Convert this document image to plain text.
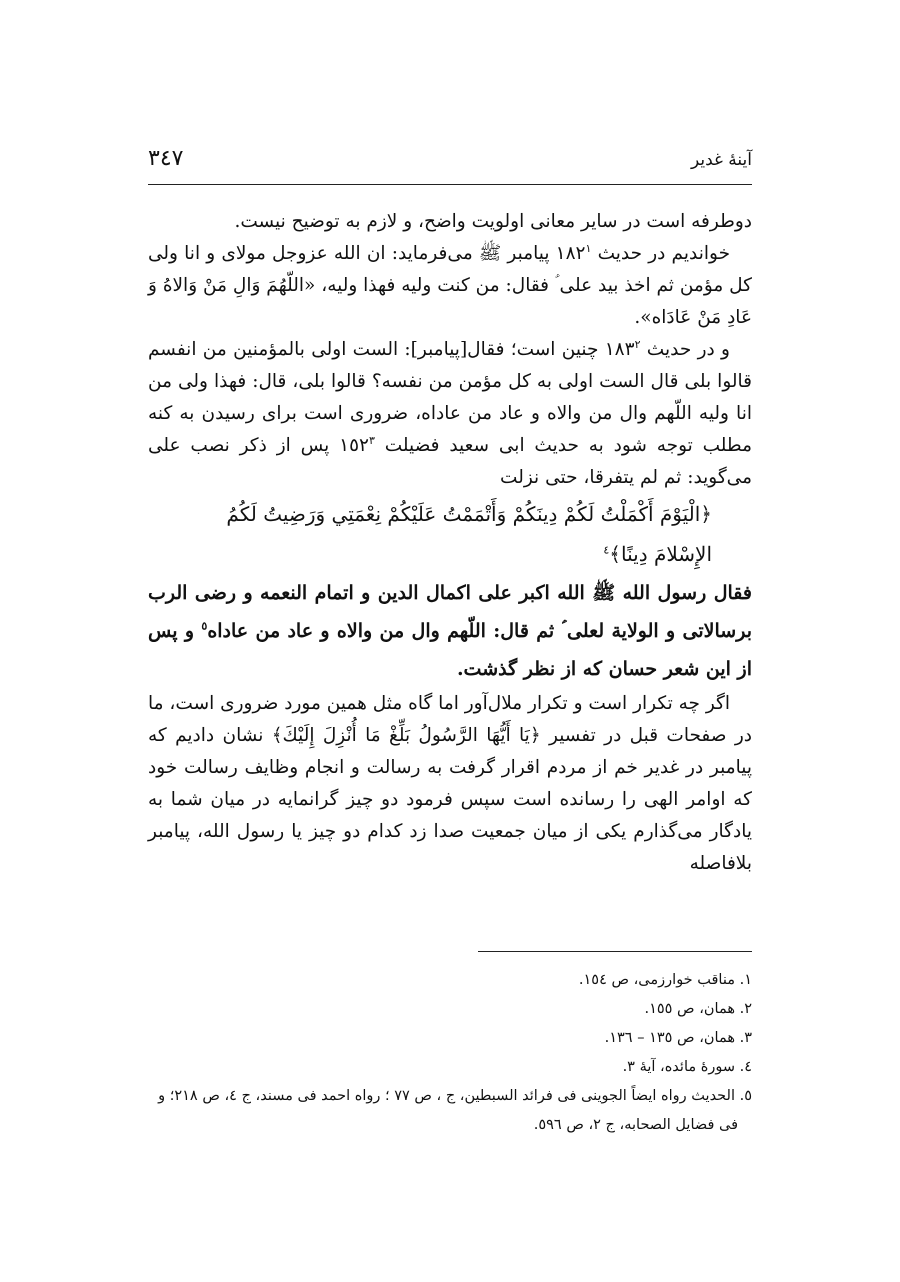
آینهٔ غدیر
٣٤٧

دوطرفه است در سایر معانی اولویت واضح، و لازم به توضیح نیست.

خواندیم در حدیث $١٨٢^١$ پیامبر ﷺ می‌فرماید: ان الله عزوجل مولای و انا ولی کل مؤمن ثم اخذ بید علی ؑ فقال: من کنت ولیه فهذا ولیه، «اللّهُمَ وَالِ مَنْ وَالاهُ وَ عَادِ مَنْ عَادَاه».

و در حدیث $١٨٣^٢$ چنین است؛ فقال[پیامبر]: الست اولی بالمؤمنین من انفسم قالوا بلی قال الست اولی به کل مؤمن من نفسه؟ قالوا بلی، قال: فهذا ولی من انا ولیه اللّهم وال من والاه و عاد من عاداه، ضروری است برای رسیدن به کنه مطلب توجه شود به حدیث ابی سعید فضیلت $١٥٢^٣$ پس از ذکر نصب علی می‌گوید: ثم لم یتفرقا، حتی نزلت

﴿الْيَوْمَ أَكْمَلْتُ لَكُمْ دِينَكُمْ وَأَتْمَمْتُ عَلَيْكُمْ نِعْمَتِي وَرَضِيتُ لَكُمُ

الإِسْلامَ دِينًا﴾$^٤$

فقال رسول الله ﷺ الله اکبر علی اکمال الدین و اتمام النعمه و رضی الرب برسالاتی و الولایة لعلی ؑ ثم قال: اللّهم وال من والاه و عاد من عاداه$^٥$ و پس از این شعر حسان که از نظر گذشت.

اگر چه تکرار است و تکرار ملال‌آور اما گاه مثل همین مورد ضروری است، ما در صفحات قبل در تفسیر ﴿يَا أَيُّهَا الرَّسُولُ بَلِّغْ مَا أُنْزِلَ إِلَيْكَ﴾ نشان دادیم که پیامبر در غدیر خم از مردم اقرار گرفت به رسالت و انجام وظایف رسالت خود که اوامر الهی را رسانده است سپس فرمود دو چیز گرانمایه در میان شما به یادگار می‌گذارم یکی از میان جمعیت صدا زد کدام دو چیز یا رسول الله، پیامبر بلافاصله

١. مناقب خوارزمی، ص ١٥٤.
٢. همان، ص ١٥٥.
٣. همان، ص ١٣٥ – ١٣٦.
٤. سورهٔ مائده، آیهٔ ٣.
٥. الحدیث رواه ایضاً الجوینی فی فرائد السبطین، ج ، ص ٧٧ ؛ رواه احمد فی مسند، ج ٤، ص ٢١٨؛ و
فی فضایل الصحابه، ج ٢، ص ٥٩٦.
